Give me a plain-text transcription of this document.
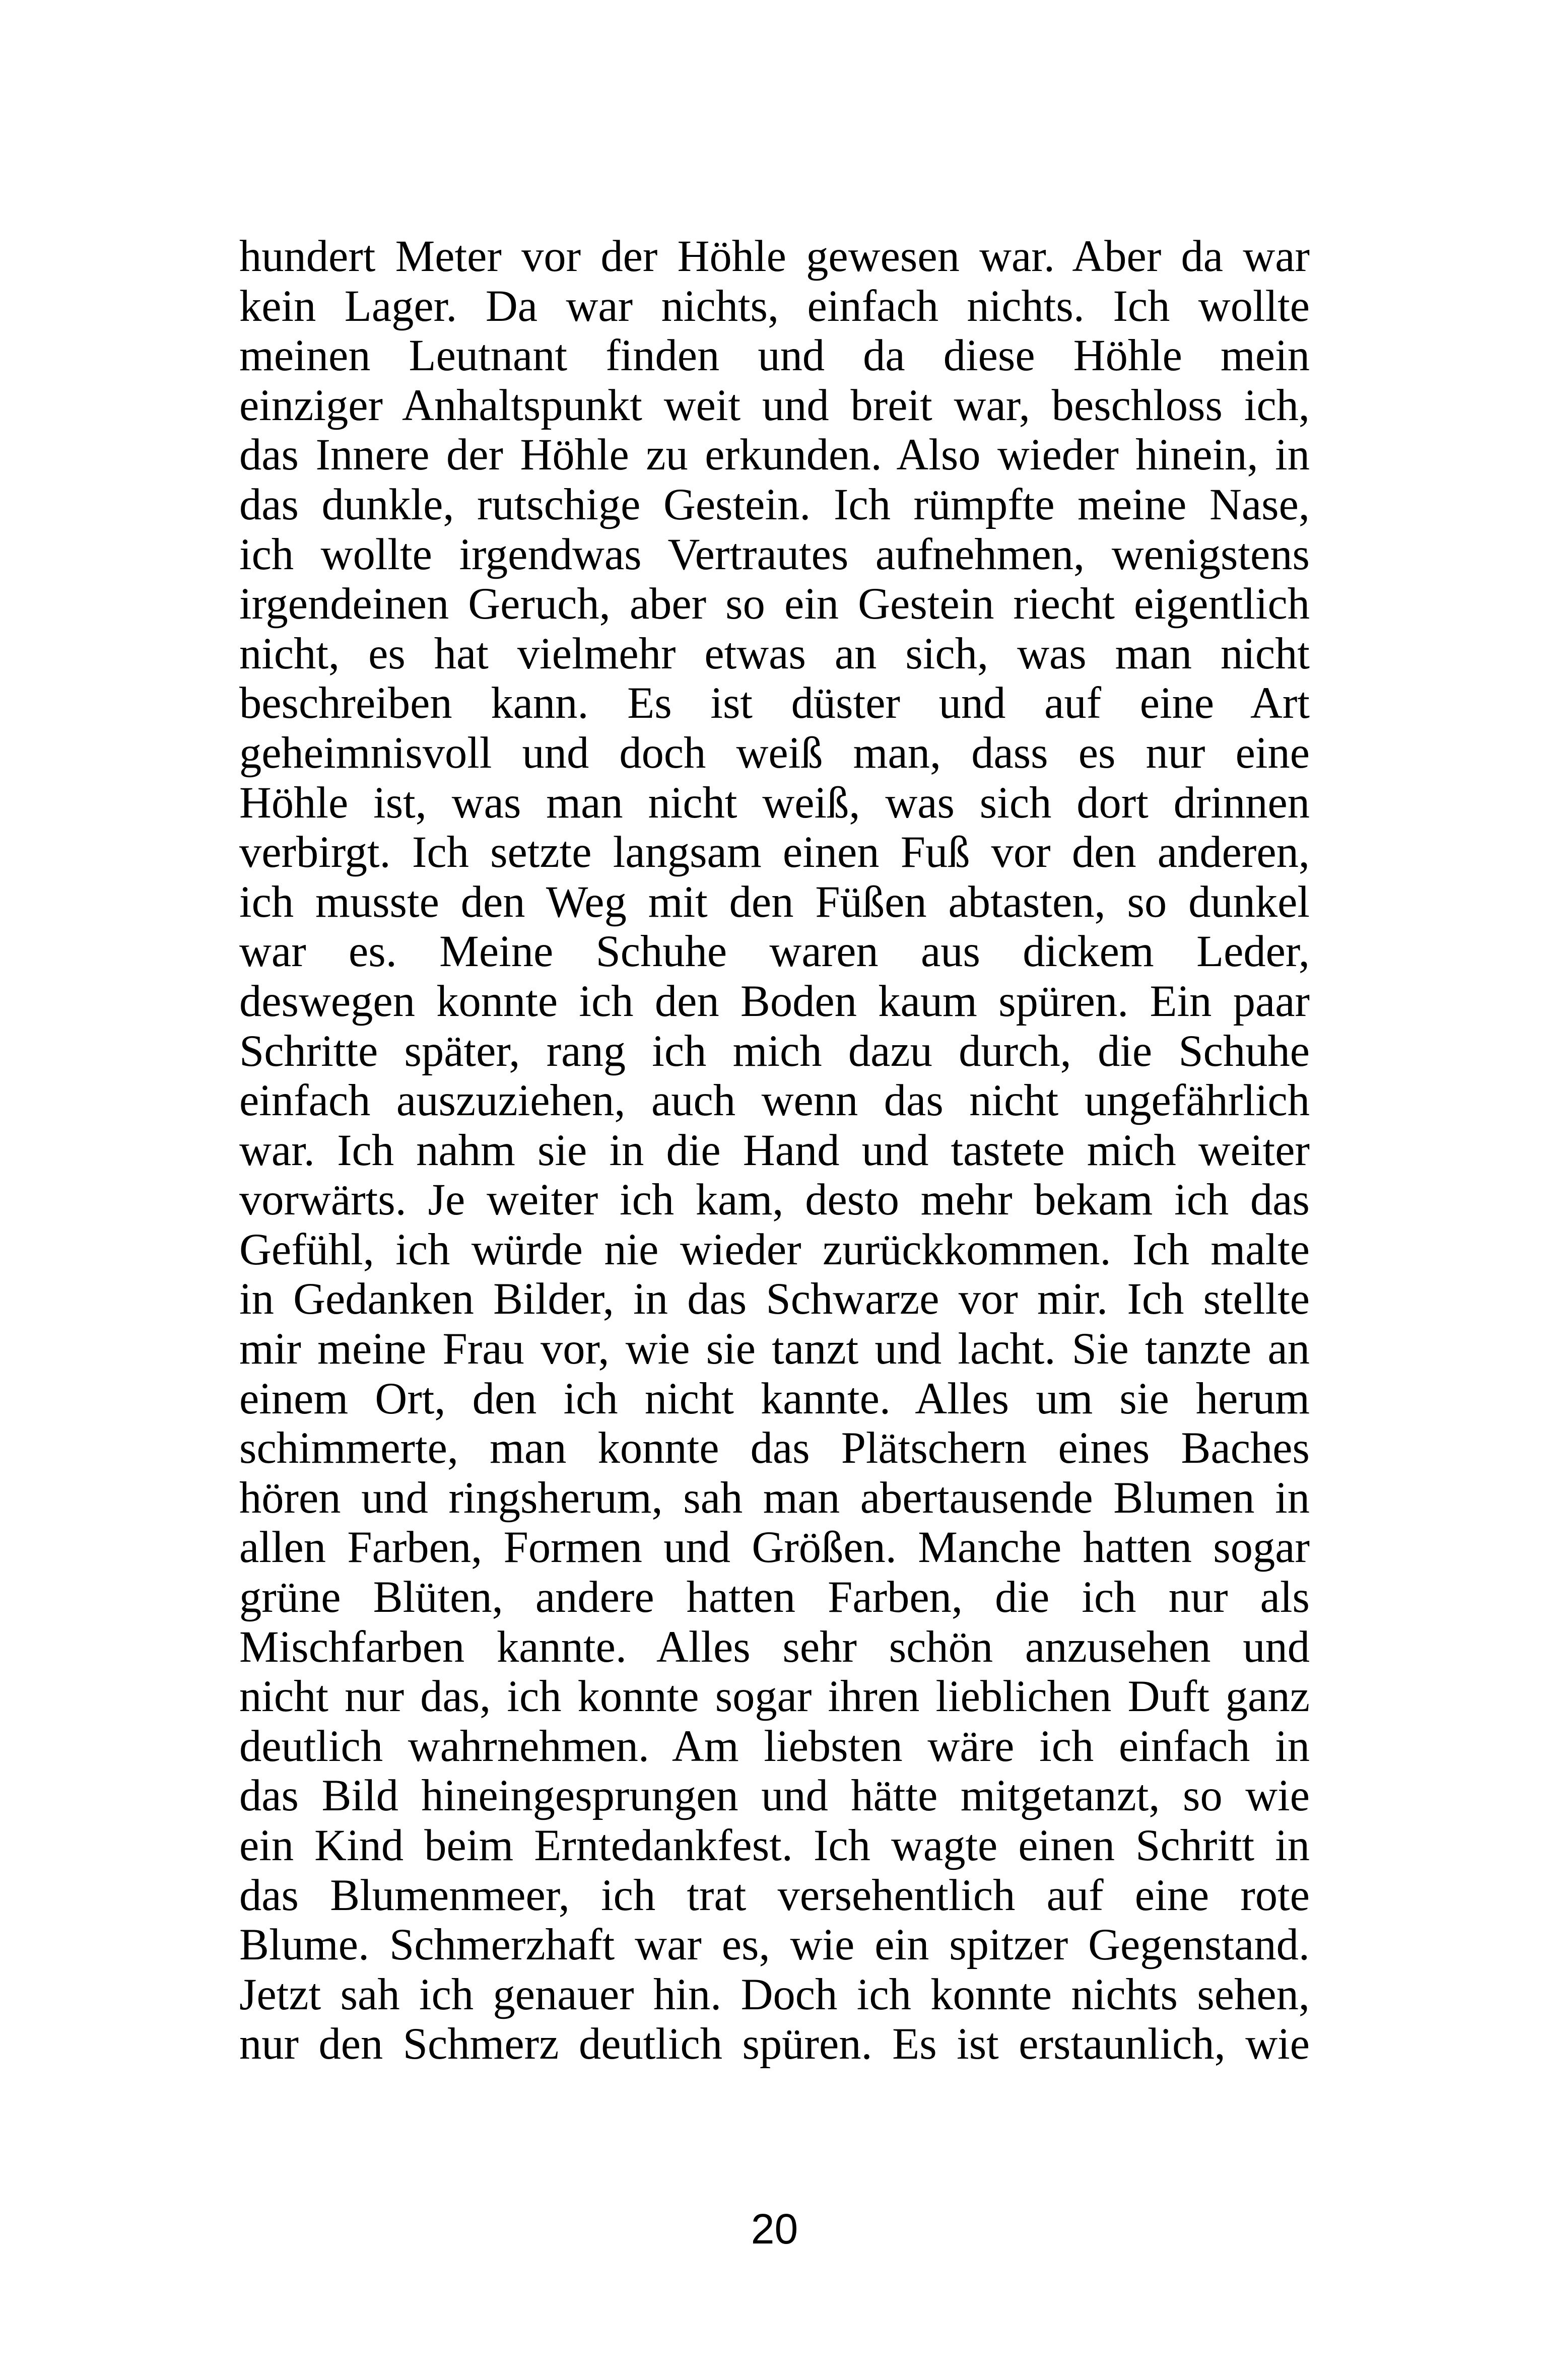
hundert Meter vor der Höhle gewesen war. Aber da war
kein Lager. Da war nichts, einfach nichts. Ich wollte
meinen Leutnant finden und da diese Höhle mein
einziger Anhaltspunkt weit und breit war, beschloss ich,
das Innere der Höhle zu erkunden. Also wieder hinein, in
das dunkle, rutschige Gestein. Ich rümpfte meine Nase,
ich wollte irgendwas Vertrautes aufnehmen, wenigstens
irgendeinen Geruch, aber so ein Gestein riecht eigentlich
nicht, es hat vielmehr etwas an sich, was man nicht
beschreiben kann. Es ist düster und auf eine Art
geheimnisvoll und doch weiß man, dass es nur eine
Höhle ist, was man nicht weiß, was sich dort drinnen
verbirgt. Ich setzte langsam einen Fuß vor den anderen,
ich musste den Weg mit den Füßen abtasten, so dunkel
war es. Meine Schuhe waren aus dickem Leder,
deswegen konnte ich den Boden kaum spüren. Ein paar
Schritte später, rang ich mich dazu durch, die Schuhe
einfach auszuziehen, auch wenn das nicht ungefährlich
war. Ich nahm sie in die Hand und tastete mich weiter
vorwärts. Je weiter ich kam, desto mehr bekam ich das
Gefühl, ich würde nie wieder zurückkommen. Ich malte
in Gedanken Bilder, in das Schwarze vor mir. Ich stellte
mir meine Frau vor, wie sie tanzt und lacht. Sie tanzte an
einem Ort, den ich nicht kannte. Alles um sie herum
schimmerte, man konnte das Plätschern eines Baches
hören und ringsherum, sah man abertausende Blumen in
allen Farben, Formen und Größen. Manche hatten sogar
grüne Blüten, andere hatten Farben, die ich nur als
Mischfarben kannte. Alles sehr schön anzusehen und
nicht nur das, ich konnte sogar ihren lieblichen Duft ganz
deutlich wahrnehmen. Am liebsten wäre ich einfach in
das Bild hineingesprungen und hätte mitgetanzt, so wie
ein Kind beim Erntedankfest. Ich wagte einen Schritt in
das Blumenmeer, ich trat versehentlich auf eine rote
Blume. Schmerzhaft war es, wie ein spitzer Gegenstand.
Jetzt sah ich genauer hin. Doch ich konnte nichts sehen,
nur den Schmerz deutlich spüren. Es ist erstaunlich, wie
20
